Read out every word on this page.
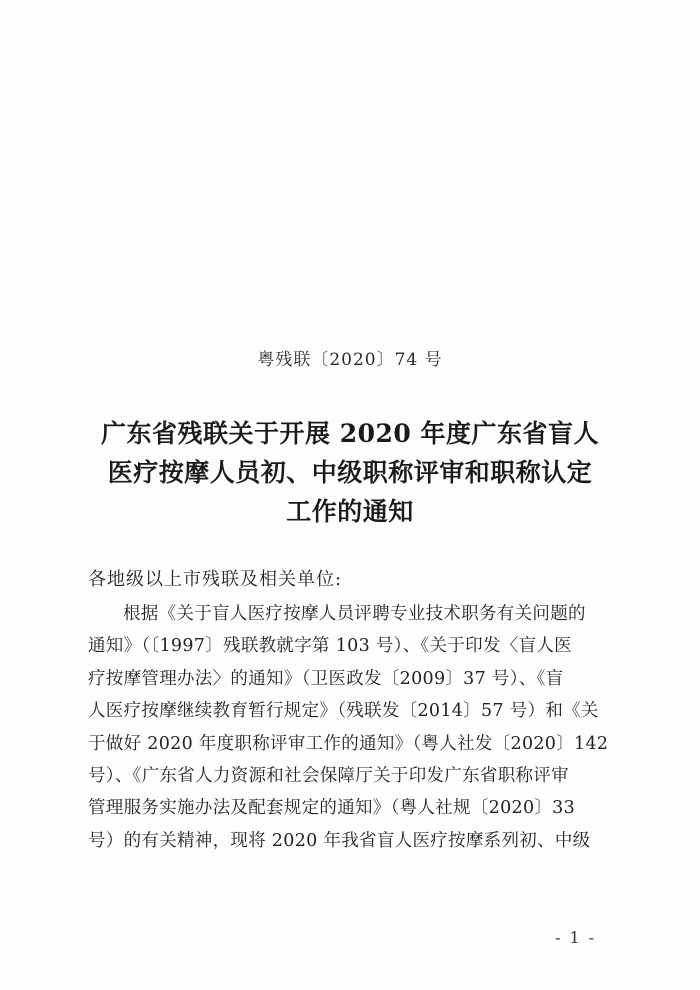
粤残联〔2020〕74 号
广东省残联关于开展 2020 年度广东省盲人
医疗按摩人员初、中级职称评审和职称认定
工作的通知
各地级以上市残联及相关单位:
根据《关于盲人医疗按摩人员评聘专业技术职务有关问题的
通知》（〔1997〕残联教就字第 103 号）、《关于印发〈盲人医
疗按摩管理办法〉的通知》（卫医政发〔2009〕37 号）、《盲
人医疗按摩继续教育暂行规定》（残联发〔2014〕57 号）和《关
于做好 2020 年度职称评审工作的通知》（粤人社发〔2020〕142
号）、《广东省人力资源和社会保障厅关于印发广东省职称评审
管理服务实施办法及配套规定的通知》（粤人社规〔2020〕33
号）的有关精神，现将 2020 年我省盲人医疗按摩系列初、中级
- 1 -
